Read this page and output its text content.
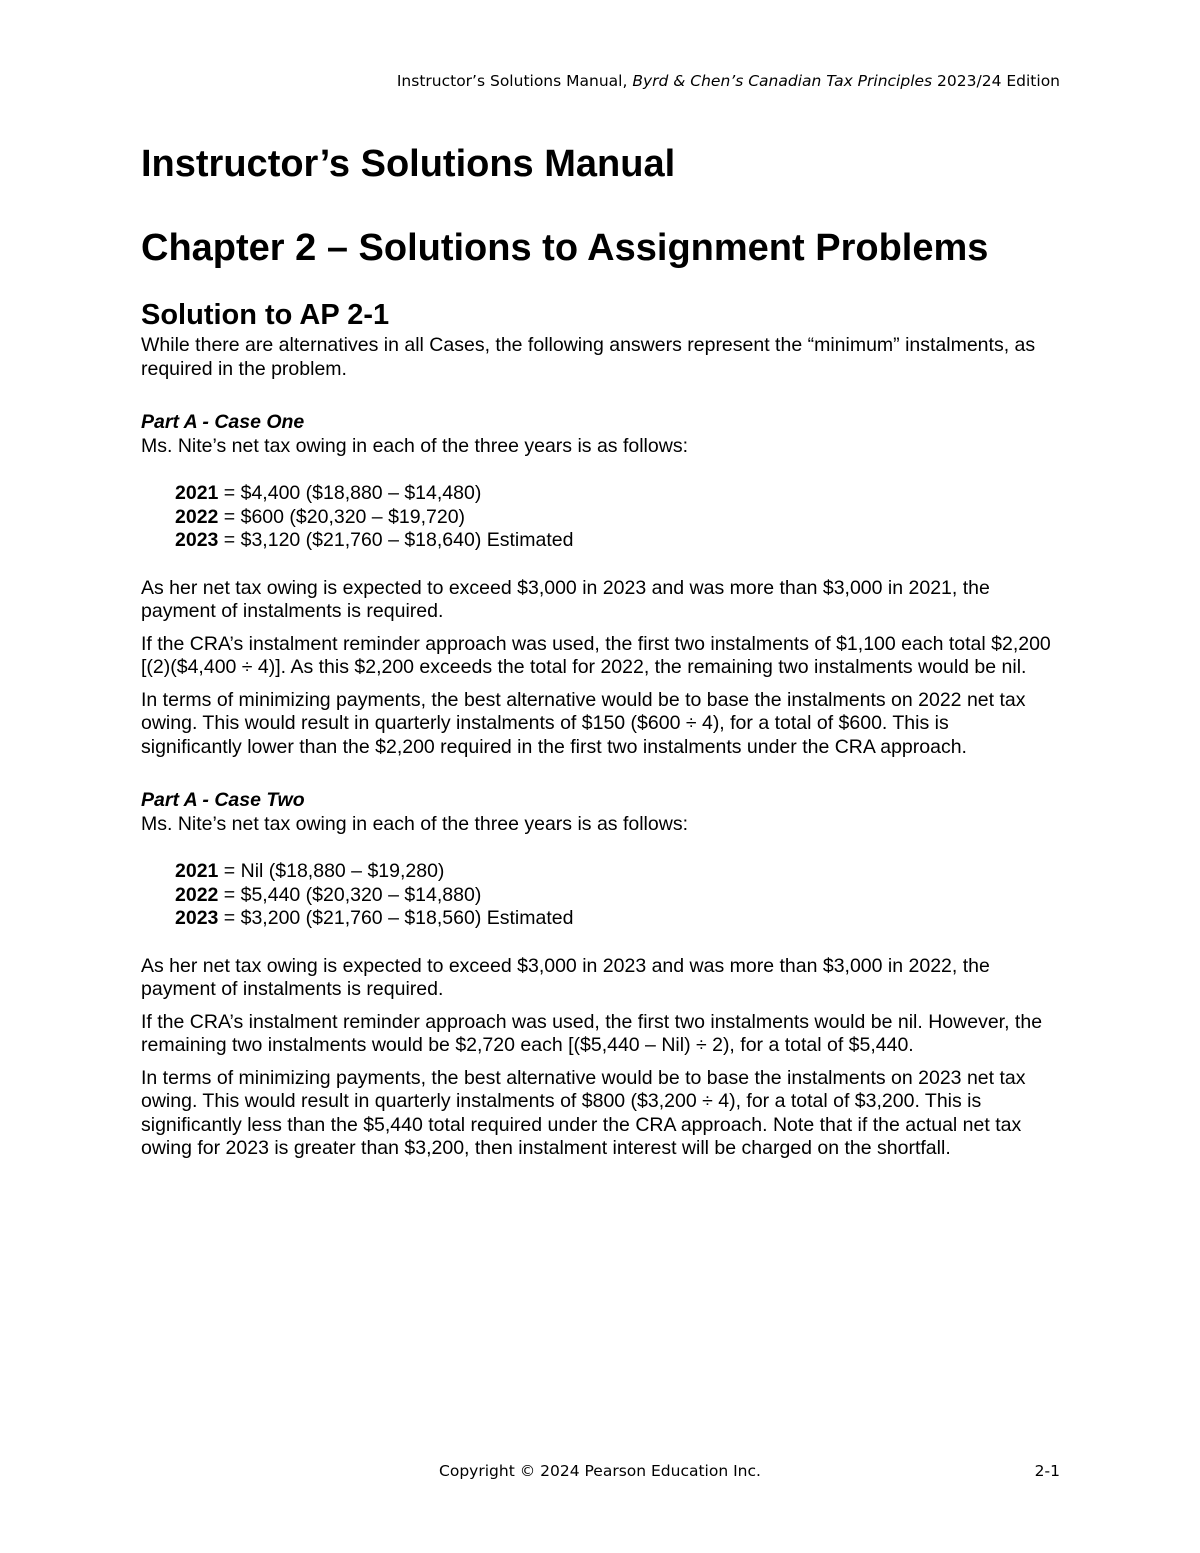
Instructor’s Solutions Manual, Byrd & Chen’s Canadian Tax Principles 2023/24 Edition
Instructor’s Solutions Manual
Chapter 2 – Solutions to Assignment Problems
Solution to AP 2-1

While there are alternatives in all Cases, the following answers represent the “minimum” instalments, as required in the problem.

Part A - Case One

Ms. Nite’s net tax owing in each of the three years is as follows:

2021 = $4,400 ($18,880 – $14,480)
2022 = $600 ($20,320 – $19,720)
2023 = $3,120 ($21,760 – $18,640) Estimated

As her net tax owing is expected to exceed $3,000 in 2023 and was more than $3,000 in 2021, the payment of instalments is required.

If the CRA’s instalment reminder approach was used, the first two instalments of $1,100 each total $2,200 [(2)($4,400 ÷ 4)]. As this $2,200 exceeds the total for 2022, the remaining two instalments would be nil.

In terms of minimizing payments, the best alternative would be to base the instalments on 2022 net tax owing. This would result in quarterly instalments of $150 ($600 ÷ 4), for a total of $600. This is significantly lower than the $2,200 required in the first two instalments under the CRA approach.

Part A - Case Two

Ms. Nite’s net tax owing in each of the three years is as follows:

2021 = Nil ($18,880 – $19,280)
2022 = $5,440 ($20,320 – $14,880)
2023 = $3,200 ($21,760 – $18,560) Estimated

As her net tax owing is expected to exceed $3,000 in 2023 and was more than $3,000 in 2022, the payment of instalments is required.

If the CRA’s instalment reminder approach was used, the first two instalments would be nil. However, the remaining two instalments would be $2,720 each [($5,440 – Nil) ÷ 2), for a total of $5,440.

In terms of minimizing payments, the best alternative would be to base the instalments on 2023 net tax owing. This would result in quarterly instalments of $800 ($3,200 ÷ 4), for a total of $3,200. This is significantly less than the $5,440 total required under the CRA approach. Note that if the actual net tax owing for 2023 is greater than $3,200, then instalment interest will be charged on the shortfall.

Copyright © 2024 Pearson Education Inc.	2-1
